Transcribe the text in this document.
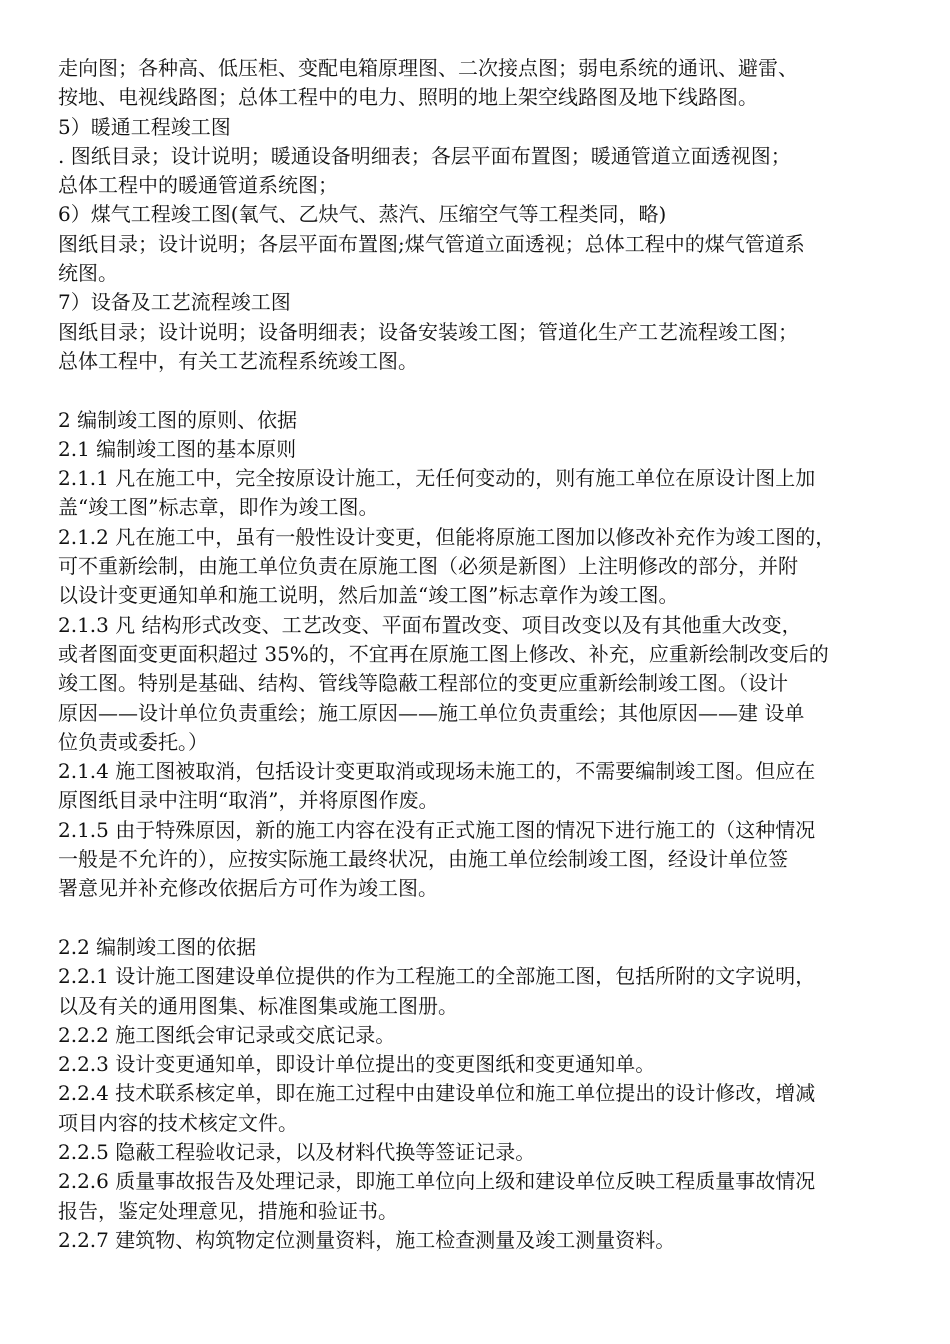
走向图；各种高、低压柜、变配电箱原理图、二次接点图；弱电系统的通讯、避雷、
按地、电视线路图；总体工程中的电力、照明的地上架空线路图及地下线路图。
5）暖通工程竣工图
. 图纸目录；设计说明；暖通设备明细表；各层平面布置图；暖通管道立面透视图；
总体工程中的暖通管道系统图；
6）煤气工程竣工图(氧气、乙炔气、蒸汽、压缩空气等工程类同，略)
图纸目录；设计说明；各层平面布置图;煤气管道立面透视；总体工程中的煤气管道系
统图。
7）设备及工艺流程竣工图
图纸目录；设计说明；设备明细表；设备安装竣工图；管道化生产工艺流程竣工图；
总体工程中，有关工艺流程系统竣工图。
2 编制竣工图的原则、依据
2.1 编制竣工图的基本原则
2.1.1 凡在施工中，完全按原设计施工，无任何变动的，则有施工单位在原设计图上加
盖“竣工图”标志章，即作为竣工图。
2.1.2 凡在施工中，虽有一般性设计变更，但能将原施工图加以修改补充作为竣工图的，
可不重新绘制，由施工单位负责在原施工图（必须是新图）上注明修改的部分，并附
以设计变更通知单和施工说明，然后加盖“竣工图”标志章作为竣工图。
2.1.3 凡 结构形式改变、工艺改变、平面布置改变、项目改变以及有其他重大改变，
或者图面变更面积超过 35%的，不宜再在原施工图上修改、补充，应重新绘制改变后的
竣工图。特别是基础、结构、管线等隐蔽工程部位的变更应重新绘制竣工图。（设计
原因——设计单位负责重绘；施工原因——施工单位负责重绘；其他原因——建 设单
位负责或委托。）
2.1.4 施工图被取消，包括设计变更取消或现场未施工的，不需要编制竣工图。但应在
原图纸目录中注明“取消”，并将原图作废。
2.1.5 由于特殊原因，新的施工内容在没有正式施工图的情况下进行施工的（这种情况
一般是不允许的），应按实际施工最终状况，由施工单位绘制竣工图，经设计单位签
署意见并补充修改依据后方可作为竣工图。
2.2 编制竣工图的依据
2.2.1 设计施工图建设单位提供的作为工程施工的全部施工图，包括所附的文字说明，
以及有关的通用图集、标准图集或施工图册。
2.2.2 施工图纸会审记录或交底记录。
2.2.3 设计变更通知单，即设计单位提出的变更图纸和变更通知单。
2.2.4 技术联系核定单，即在施工过程中由建设单位和施工单位提出的设计修改，增减
项目内容的技术核定文件。
2.2.5 隐蔽工程验收记录，以及材料代换等签证记录。
2.2.6 质量事故报告及处理记录，即施工单位向上级和建设单位反映工程质量事故情况
报告，鉴定处理意见，措施和验证书。
2.2.7 建筑物、构筑物定位测量资料，施工检查测量及竣工测量资料。
